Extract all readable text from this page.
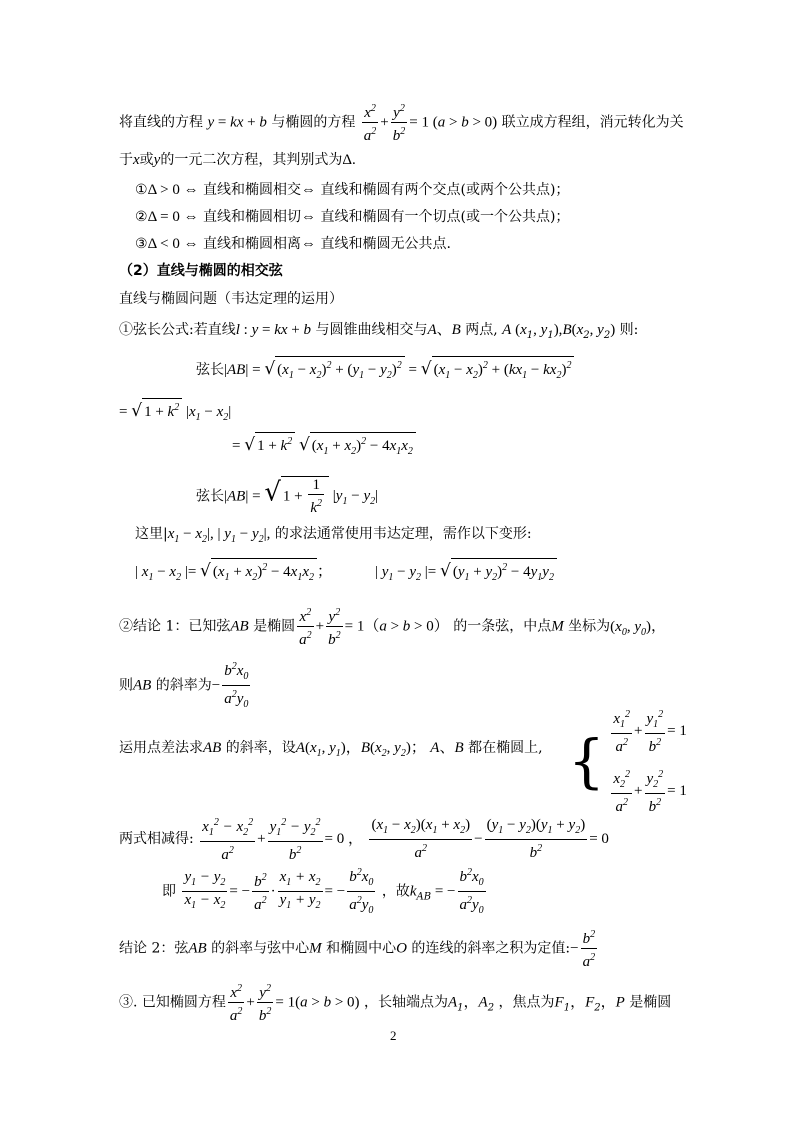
将直线的方程 y = kx + b 与椭圆的方程 $\frac{x^2}{a^2} + \frac{y^2}{b^2} = 1$ (a > b > 0) 联立成方程组，消元转化为关
于x或y的一元二次方程，其判别式为Δ.
①Δ > 0 ⇔ 直线和椭圆相交⇔ 直线和椭圆有两个交点(或两个公共点)；
②Δ = 0 ⇔ 直线和椭圆相切⇔ 直线和椭圆有一个切点(或一个公共点)；
③Δ < 0 ⇔ 直线和椭圆相离⇔ 直线和椭圆无公共点.
（2）直线与椭圆的相交弦
直线与椭圆问题（韦达定理的运用）
①弦长公式:若直线l : y = kx + b 与圆锥曲线相交与A、B 两点, A ($x_1$, $y_1),B(x_2$, $y_2$) 则:
弦长|AB| = √ $(x_1 - x_2)^2 + (y_1 - y_2)^2$ = √ $(x_1 - x_2)^2 + (kx_1 - kx_2)^2$
= √ $1 + k^2$ $|x_1 - x_2|$
= √ $1 + k^2$ √ $(x_1 + x_2)^2 - 4x_1x_2$
弦长|AB| = √ $1 + \frac{1}{k^2} |y_1 - y_2|$
这里$|x_1 - x_2|$, | $y_1 - y_2|$, 的求法通常使用韦达定理，需作以下变形:
| $x_1 - x_2$ |= √ $(x_1 + x_2)^2 - 4x_1x_2$ ；	| $y_1 - y_2$ |= √ $(y_1 + y_2)^2 - 4y_1y_2$
②结论 1：已知弦AB 是椭圆 $\frac{x^2}{a^2} + \frac{y^2}{b^2} = 1(a > b > 0)$ 的一条弦，中点M 坐标为($x_0$, $y_0$)，
则AB 的斜率为− $\frac{b^2x_0}{a^2y_0}$
运用点差法求AB 的斜率，设$A(x_1$, $y_1$)，$B(x_2$, $y_2$)； A、B 都在椭圆上, { $\frac{x_1^2}{a^2} + \frac{y_1^2}{b^2} = 1$
$\frac{x_2^2}{a^2} + \frac{y_2^2}{b^2} = 1$
两式相减得: $\frac{x_1^2 - x_2^2}{a^2} + \frac{y_1^2 - y_2^2}{b^2} = 0$ ， $\frac{(x_1 - x_2)(x_1 + x_2)}{a^2} - \frac{(y_1 - y_2)(y_1 + y_2)}{b^2} = 0$
即 $\frac{y_1 - y_2}{x_1 - x_2}$ = − $\frac{b^2}{a^2} \cdot \frac{x_1 + x_2}{y_1 + y_2}$ = − $\frac{b^2x_0}{a^2y_0}$ ，故$k_{AB}$ = − $\frac{b^2x_0}{a^2y_0}$
结论 2：弦AB 的斜率与弦中心M 和椭圆中心O 的连线的斜率之积为定值:− $\frac{b^2}{a^2}$
③. 已知椭圆方程 $\frac{x^2}{a^2} + \frac{y^2}{b^2} = 1(a > b > 0)$ ，长轴端点为$A_1$，$A_2$ ，焦点为$F_1$，$F_2$，P 是椭圆
2
